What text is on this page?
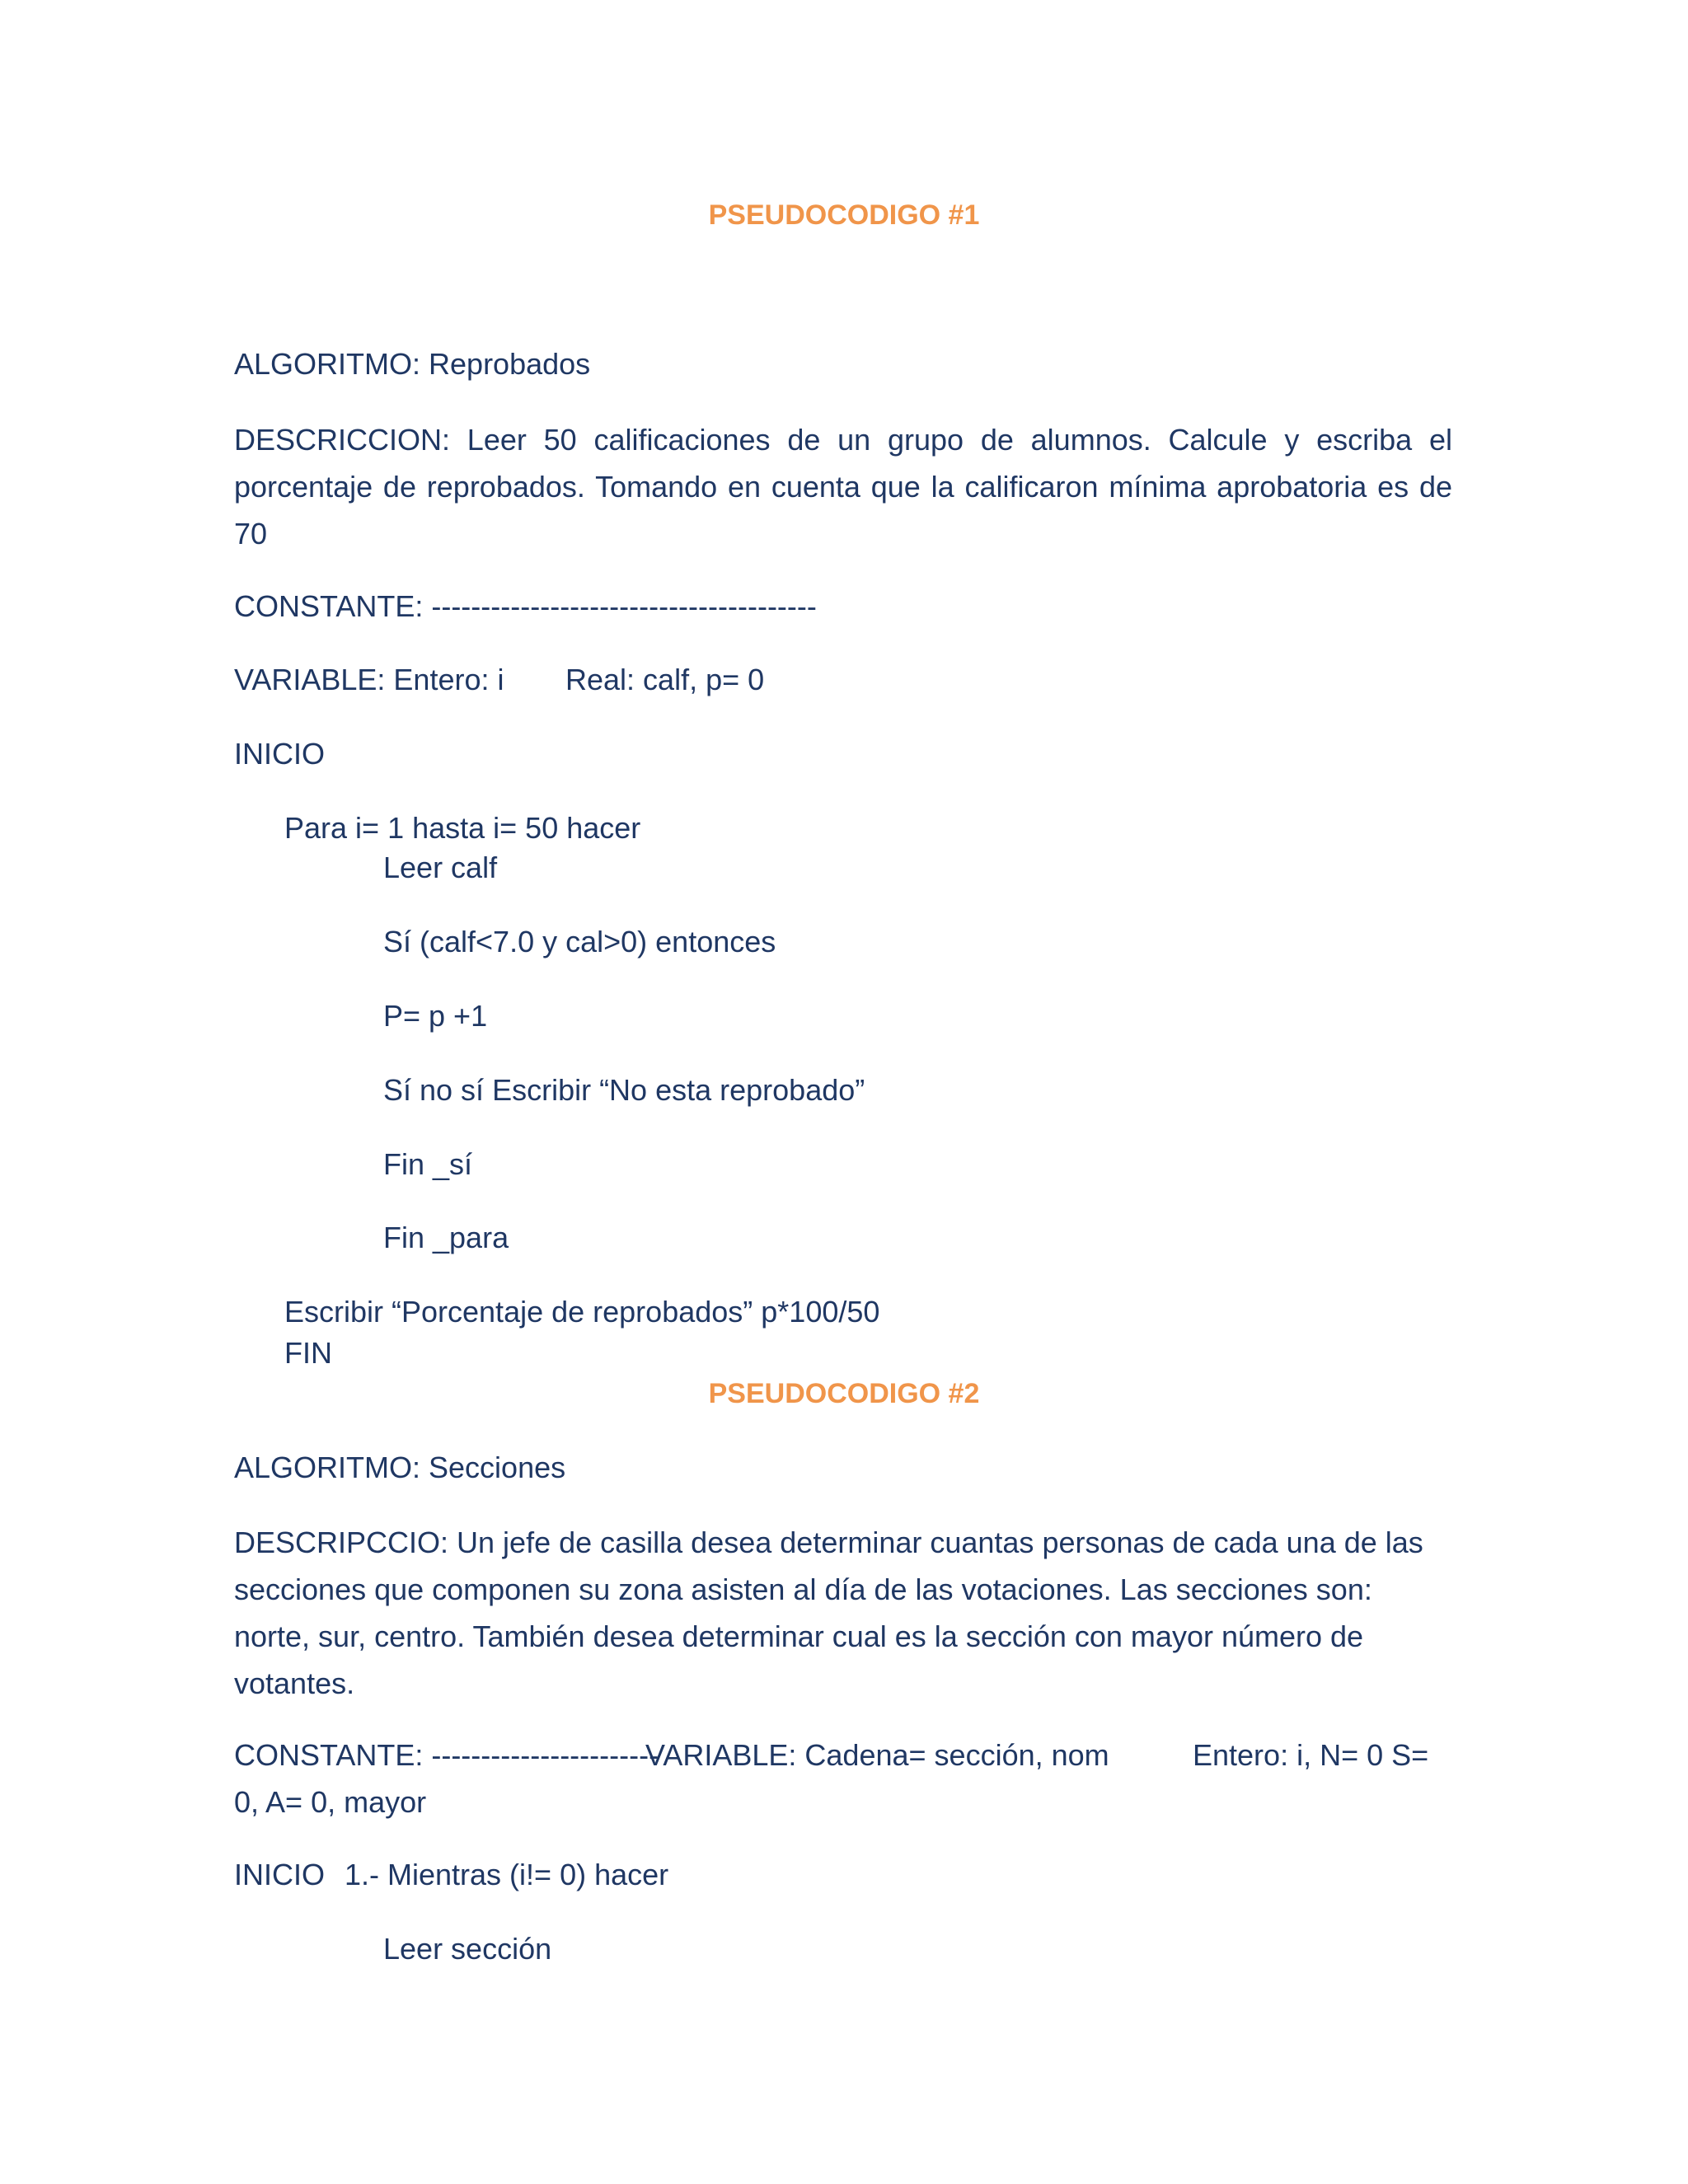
PSEUDOCODIGO #1
ALGORITMO: Reprobados
DESCRICCION: Leer 50 calificaciones de un grupo de alumnos. Calcule y escriba el porcentaje de reprobados. Tomando en cuenta que la calificaron mínima aprobatoria es de 70
CONSTANTE: ---------------------------------------
VARIABLE: Entero: i Real: calf, p= 0
INICIO
Para i= 1 hasta i= 50 hacer
Leer calf
Sí (calf<7.0 y cal>0) entonces
P= p +1
Sí no sí Escribir “No esta reprobado”
Fin _sí
Fin _para
Escribir “Porcentaje de reprobados” p*100/50
FIN
PSEUDOCODIGO #2
ALGORITMO: Secciones
DESCRIPCCIO: Un jefe de casilla desea determinar cuantas personas de cada una de las secciones que componen su zona asisten al día de las votaciones. Las secciones son: norte, sur, centro. También desea determinar cual es la sección con mayor número de votantes.
CONSTANTE: -----------------------
VARIABLE: Cadena= sección, nom	Entero: i, N= 0 S=
0, A= 0, mayor
INICIO 1.- Mientras (i!= 0) hacer
Leer sección
